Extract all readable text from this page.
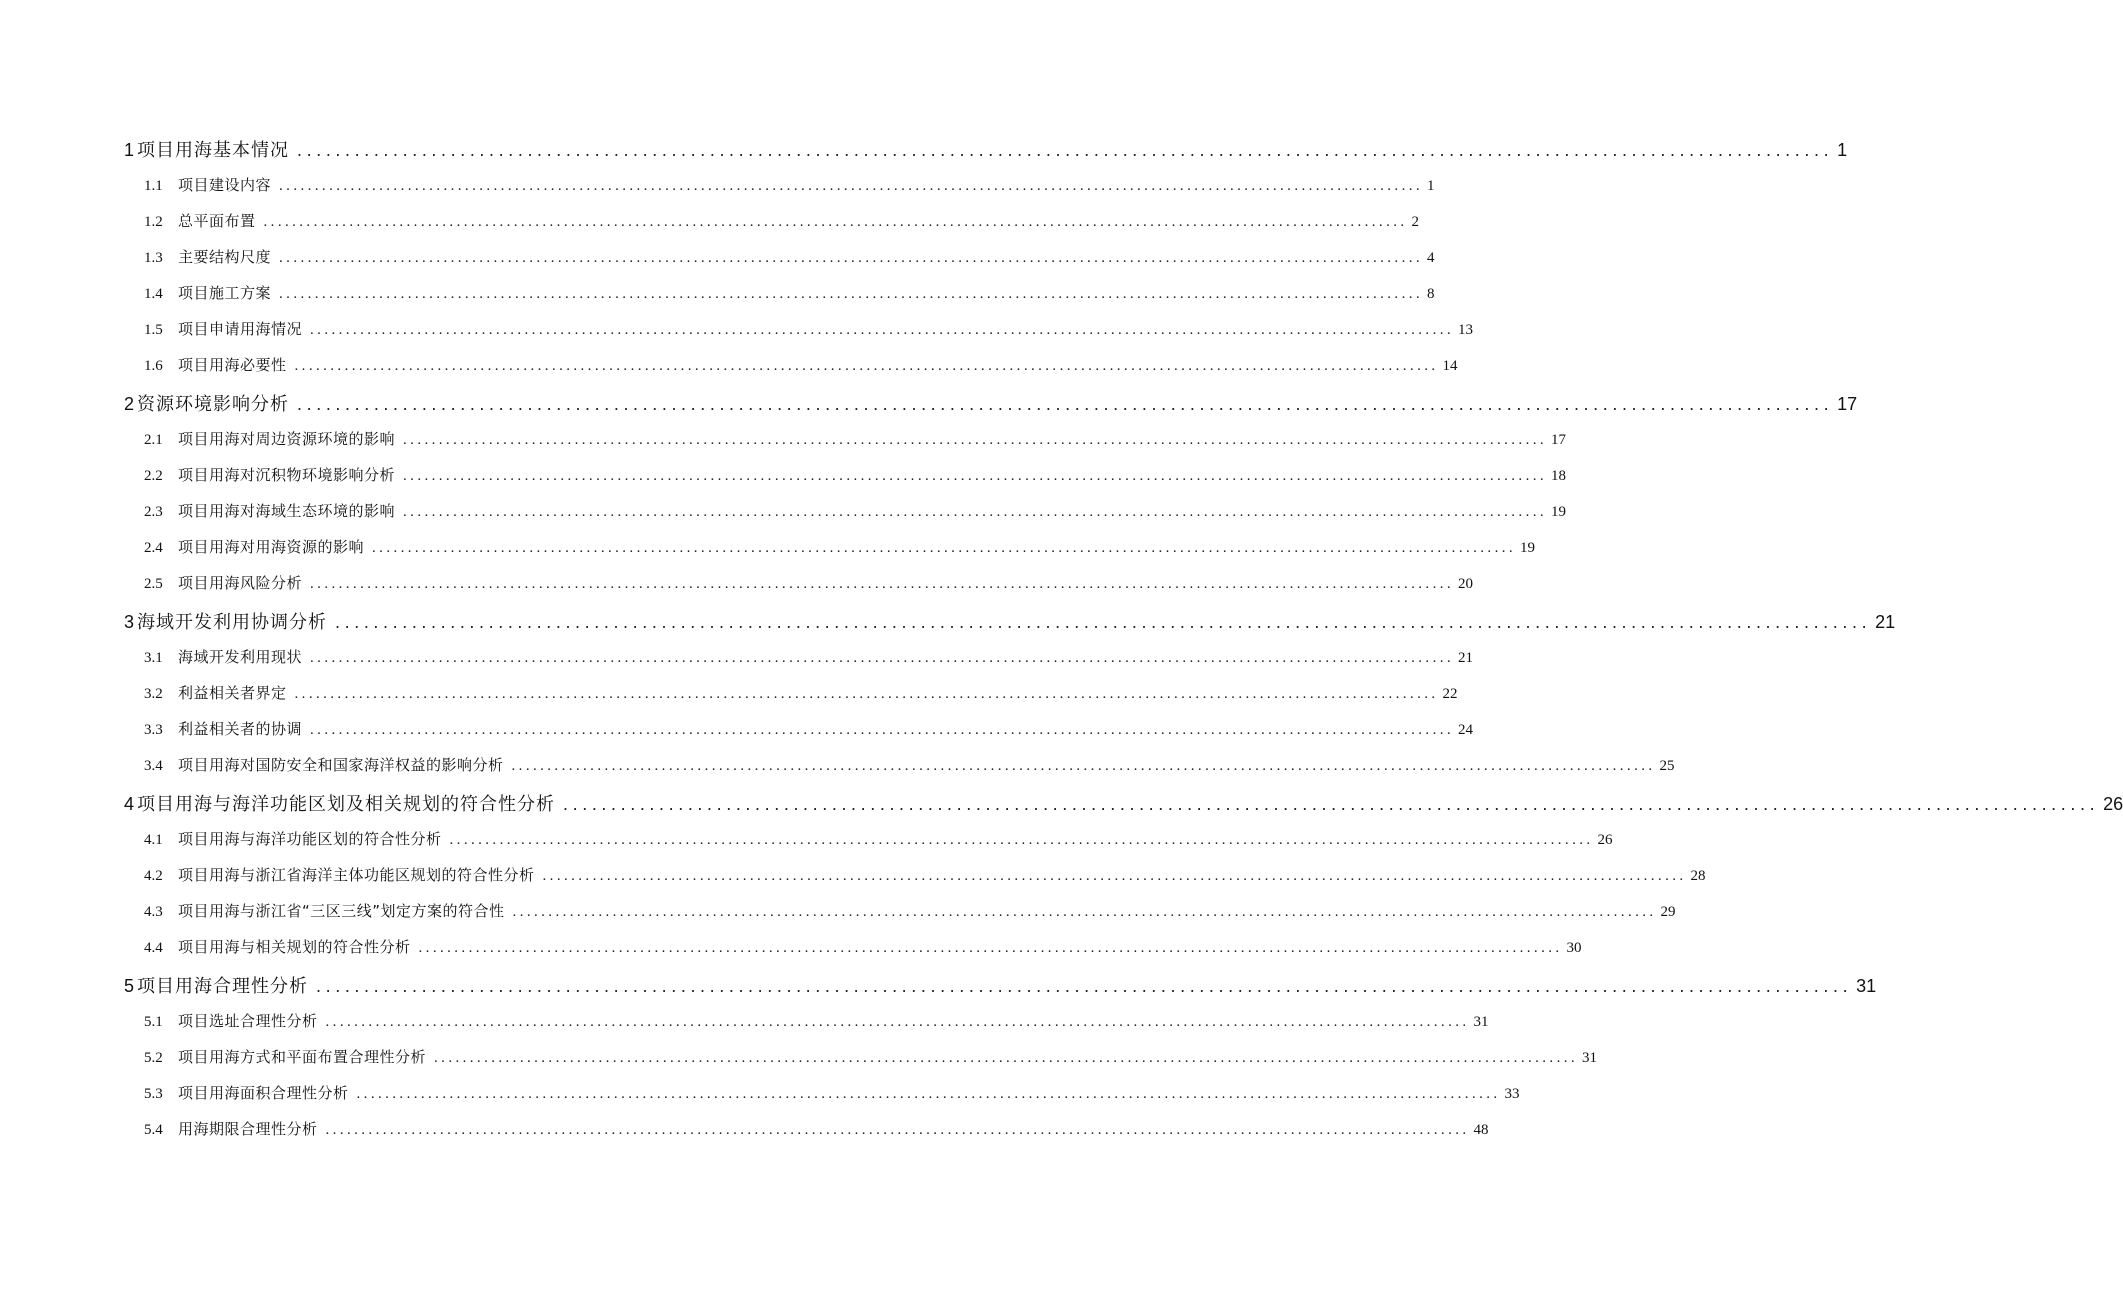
1 项目用海基本情况 ................................................................................................................................................................ 1
1.1	项目建设内容 ................................................................................................................................................................ 1
1.2	总平面布置 ................................................................................................................................................................ 2
1.3	主要结构尺度 ................................................................................................................................................................ 4
1.4	项目施工方案 ................................................................................................................................................................ 8
1.5	项目申请用海情况 ................................................................................................................................................................ 13
1.6	项目用海必要性 ................................................................................................................................................................ 14
2 资源环境影响分析 ................................................................................................................................................................ 17
2.1	项目用海对周边资源环境的影响 ................................................................................................................................................................ 17
2.2	项目用海对沉积物环境影响分析 ................................................................................................................................................................ 18
2.3	项目用海对海域生态环境的影响 ................................................................................................................................................................ 19
2.4	项目用海对用海资源的影响 ................................................................................................................................................................ 19
2.5	项目用海风险分析 ................................................................................................................................................................ 20
3 海域开发利用协调分析 ................................................................................................................................................................ 21
3.1	海域开发利用现状 ................................................................................................................................................................ 21
3.2	利益相关者界定 ................................................................................................................................................................ 22
3.3	利益相关者的协调 ................................................................................................................................................................ 24
3.4	项目用海对国防安全和国家海洋权益的影响分析 ................................................................................................................................................................ 25
4 项目用海与海洋功能区划及相关规划的符合性分析 ................................................................................................................................................................ 26
4.1	项目用海与海洋功能区划的符合性分析 ................................................................................................................................................................ 26
4.2	项目用海与浙江省海洋主体功能区规划的符合性分析 ................................................................................................................................................................ 28
4.3	项目用海与浙江省“三区三线”划定方案的符合性 ................................................................................................................................................................ 29
4.4	项目用海与相关规划的符合性分析 ................................................................................................................................................................ 30
5 项目用海合理性分析 ................................................................................................................................................................ 31
5.1	项目选址合理性分析 ................................................................................................................................................................ 31
5.2	项目用海方式和平面布置合理性分析 ................................................................................................................................................................ 31
5.3	项目用海面积合理性分析 ................................................................................................................................................................ 33
5.4	用海期限合理性分析 ................................................................................................................................................................ 48
